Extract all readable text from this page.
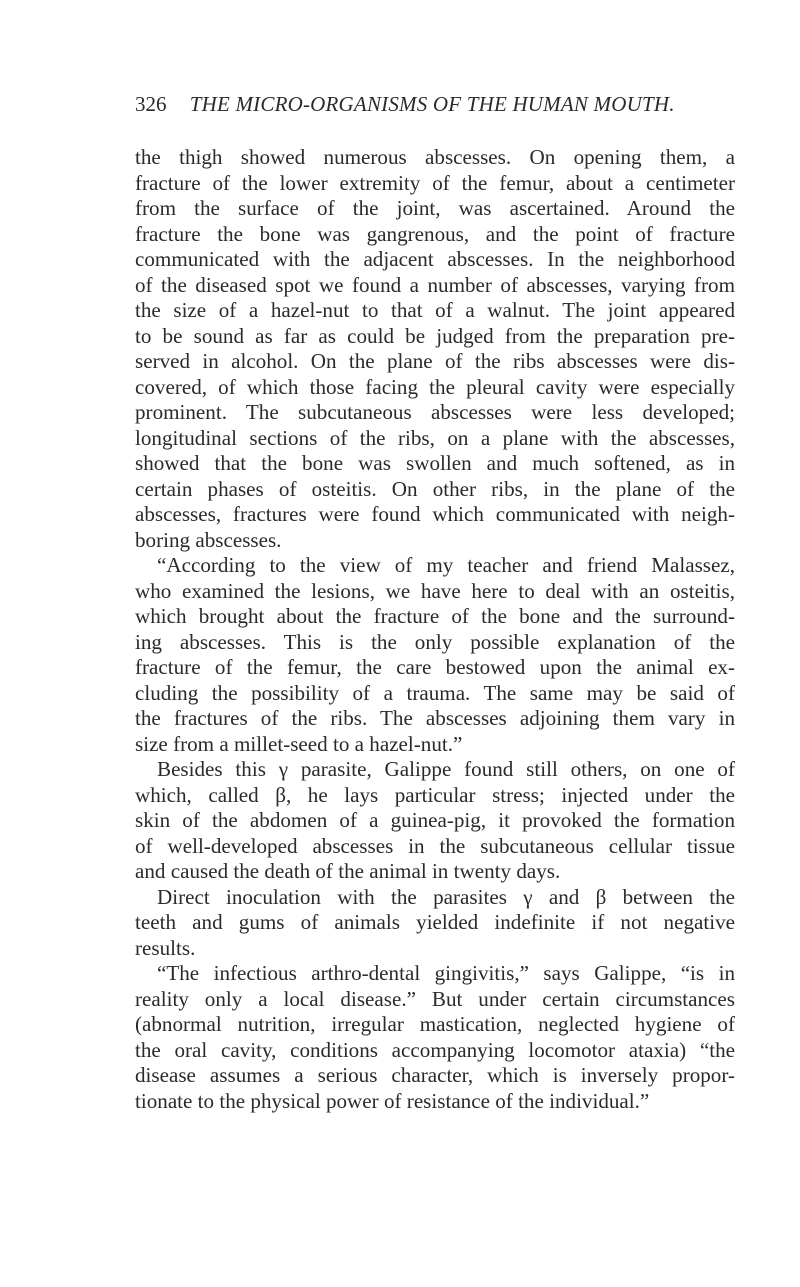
326 THE MICRO-ORGANISMS OF THE HUMAN MOUTH.
the thigh showed numerous abscesses. On opening them, a
fracture of the lower extremity of the femur, about a centimeter
from the surface of the joint, was ascertained. Around the
fracture the bone was gangrenous, and the point of fracture
communicated with the adjacent abscesses. In the neighborhood
of the diseased spot we found a number of abscesses, varying from
the size of a hazel-nut to that of a walnut. The joint appeared
to be sound as far as could be judged from the preparation pre-
served in alcohol. On the plane of the ribs abscesses were dis-
covered, of which those facing the pleural cavity were especially
prominent. The subcutaneous abscesses were less developed;
longitudinal sections of the ribs, on a plane with the abscesses,
showed that the bone was swollen and much softened, as in
certain phases of osteitis. On other ribs, in the plane of the
abscesses, fractures were found which communicated with neigh-
boring abscesses.
“According to the view of my teacher and friend Malassez,
who examined the lesions, we have here to deal with an osteitis,
which brought about the fracture of the bone and the surround-
ing abscesses. This is the only possible explanation of the
fracture of the femur, the care bestowed upon the animal ex-
cluding the possibility of a trauma. The same may be said of
the fractures of the ribs. The abscesses adjoining them vary in
size from a millet-seed to a hazel-nut.”
Besides this γ parasite, Galippe found still others, on one of
which, called β, he lays particular stress; injected under the
skin of the abdomen of a guinea-pig, it provoked the formation
of well-developed abscesses in the subcutaneous cellular tissue
and caused the death of the animal in twenty days.
Direct inoculation with the parasites γ and β between the
teeth and gums of animals yielded indefinite if not negative
results.
“The infectious arthro-dental gingivitis,” says Galippe, “is in
reality only a local disease.” But under certain circumstances
(abnormal nutrition, irregular mastication, neglected hygiene of
the oral cavity, conditions accompanying locomotor ataxia) “the
disease assumes a serious character, which is inversely propor-
tionate to the physical power of resistance of the individual.”
